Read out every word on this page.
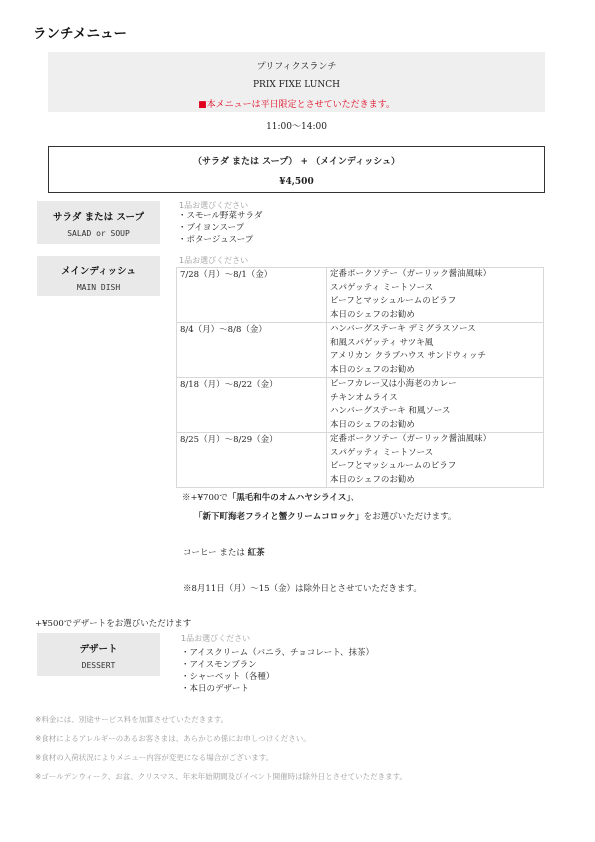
ランチメニュー
プリフィクスランチ
PRIX FIXE LUNCH
■本メニューは平日限定とさせていただきます。
11:00～14:00
（サラダ または スープ） + （メインディッシュ）
¥4,500
サラダ または スープ
SALAD or SOUP
1品お選びください
・スモール野菜サラダ
・ブイヨンスープ
・ポタージュスープ
メインディッシュ
MAIN DISH
1品お選びください
7/28（月）～8/1（金）	定番ポークソテー（ガーリック醤油風味）
スパゲッティ ミートソース
ビーフとマッシュルームのピラフ
本日のシェフのお勧め

8/4（月）～8/8（金）	ハンバーグステーキ デミグラスソース
和風スパゲッティ サツキ風
アメリカン クラブハウス サンドウィッチ
本日のシェフのお勧め

8/18（月）～8/22（金）	ビーフカレー又は小海老のカレー
チキンオムライス
ハンバーグステーキ 和風ソース
本日のシェフのお勧め

8/25（月）～8/29（金）	定番ポークソテー（ガーリック醤油風味）
スパゲッティ ミートソース
ビーフとマッシュルームのピラフ
本日のシェフのお勧め
※+¥700で「黒毛和牛のオムハヤシライス」、
「新下町海老フライと蟹クリームコロッケ」をお選びいただけます。
コーヒー または 紅茶
※8月11日（月）～15（金）は除外日とさせていただきます。
+¥500でデザートをお選びいただけます
デザート
DESSERT
1品お選びください
・アイスクリーム（バニラ、チョコレート、抹茶）
・アイスモンブラン
・シャーベット（各種）
・本日のデザート
※料金には、別途サービス料を加算させていただきます。
※食材によるアレルギーのあるお客さまは、あらかじめ係にお申しつけください。
※食材の入荷状況によりメニュー内容が変更になる場合がございます。
※ゴールデンウィーク、お盆、クリスマス、年末年始期間及びイベント開催時は除外日とさせていただきます。
